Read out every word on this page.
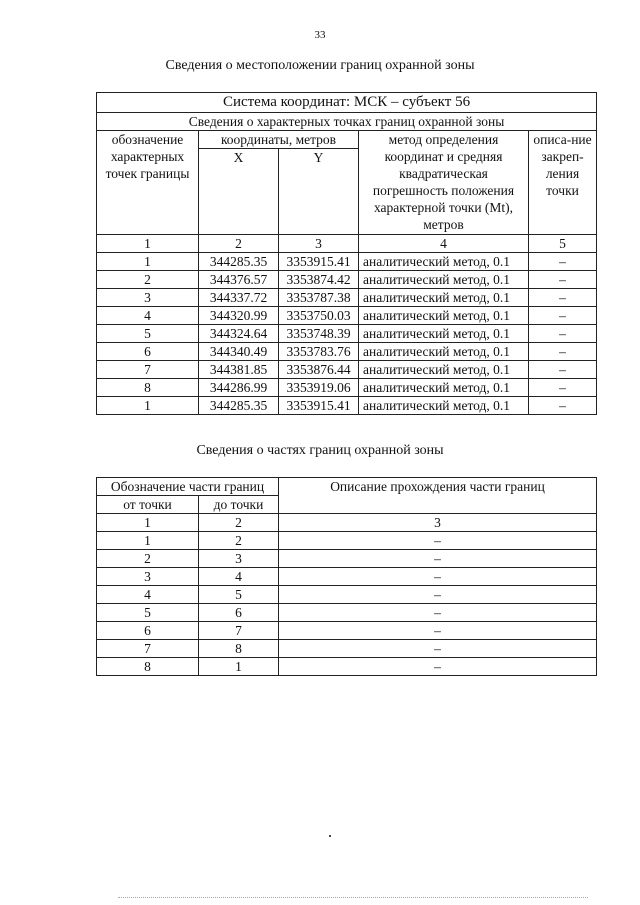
33
Сведения о местоположении границ охранной зоны
Система координат: МСК – субъект 56				
Сведения о характерных точках границ охранной зоны				
обозначение характерных точек границы	координаты, метров		метод определения координат и средняя квадратическая погрешность положения характерной точки (Mt), метров	описа-ние закреп-ления точки
	X	Y		
1	2	3	4	5
1	344285.35	3353915.41	аналитический метод, 0.1	–
2	344376.57	3353874.42	аналитический метод, 0.1	–
3	344337.72	3353787.38	аналитический метод, 0.1	–
4	344320.99	3353750.03	аналитический метод, 0.1	–
5	344324.64	3353748.39	аналитический метод, 0.1	–
6	344340.49	3353783.76	аналитический метод, 0.1	–
7	344381.85	3353876.44	аналитический метод, 0.1	–
8	344286.99	3353919.06	аналитический метод, 0.1	–
1	344285.35	3353915.41	аналитический метод, 0.1	–
Сведения о частях границ охранной зоны
Обозначение части границ		Описание прохождения части границ
от точки	до точки	
1	2	3
1	2	–
2	3	–
3	4	–
4	5	–
5	6	–
6	7	–
7	8	–
8	1	–
